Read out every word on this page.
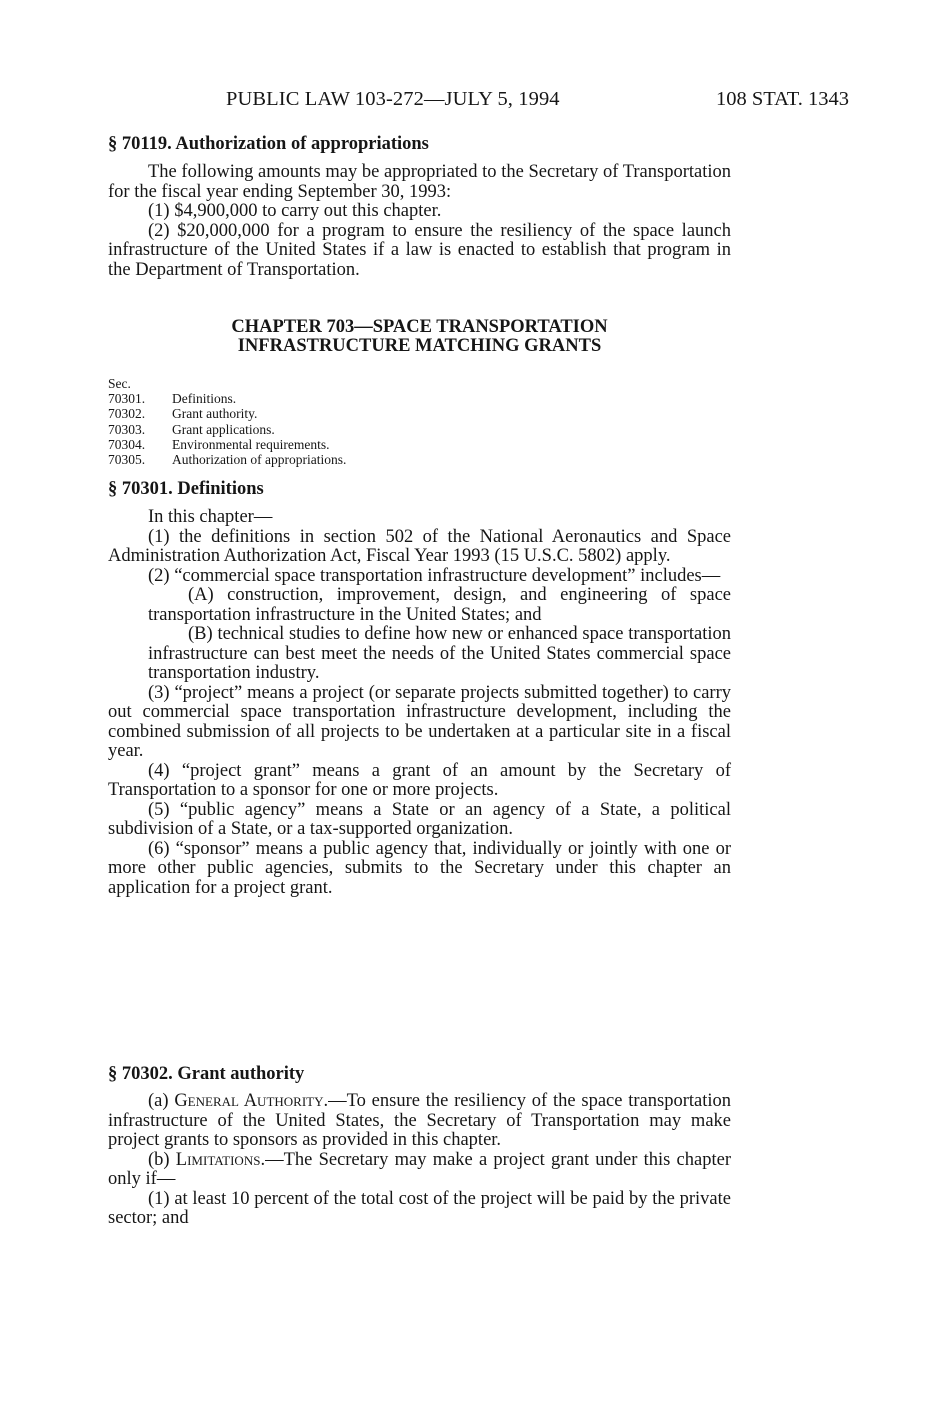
PUBLIC LAW 103-272—JULY 5, 1994	108 STAT. 1343
§ 70119. Authorization of appropriations

The following amounts may be appropriated to the Secretary of Transportation for the fiscal year ending September 30, 1993:

(1) $4,900,000 to carry out this chapter.

(2) $20,000,000 for a program to ensure the resiliency of the space launch infrastructure of the United States if a law is enacted to establish that program in the Department of Transportation.

CHAPTER 703—SPACE TRANSPORTATION
INFRASTRUCTURE MATCHING GRANTS
Sec.
70301.	Definitions.
70302.	Grant authority.
70303.	Grant applications.
70304.	Environmental requirements.
70305.	Authorization of appropriations.
§ 70301. Definitions

In this chapter—

(1) the definitions in section 502 of the National Aeronautics and Space Administration Authorization Act, Fiscal Year 1993 (15 U.S.C. 5802) apply.

(2) “commercial space transportation infrastructure development” includes—

(A) construction, improvement, design, and engineering of space transportation infrastructure in the United States; and

(B) technical studies to define how new or enhanced space transportation infrastructure can best meet the needs of the United States commercial space transportation industry.

(3) “project” means a project (or separate projects submitted together) to carry out commercial space transportation infrastructure development, including the combined submission of all projects to be undertaken at a particular site in a fiscal year.

(4) “project grant” means a grant of an amount by the Secretary of Transportation to a sponsor for one or more projects.

(5) “public agency” means a State or an agency of a State, a political subdivision of a State, or a tax-supported organization.

(6) “sponsor” means a public agency that, individually or jointly with one or more other public agencies, submits to the Secretary under this chapter an application for a project grant.

§ 70302. Grant authority

(a) General Authority.—To ensure the resiliency of the space transportation infrastructure of the United States, the Secretary of Transportation may make project grants to sponsors as provided in this chapter.

(b) Limitations.—The Secretary may make a project grant under this chapter only if—

(1) at least 10 percent of the total cost of the project will be paid by the private sector; and
